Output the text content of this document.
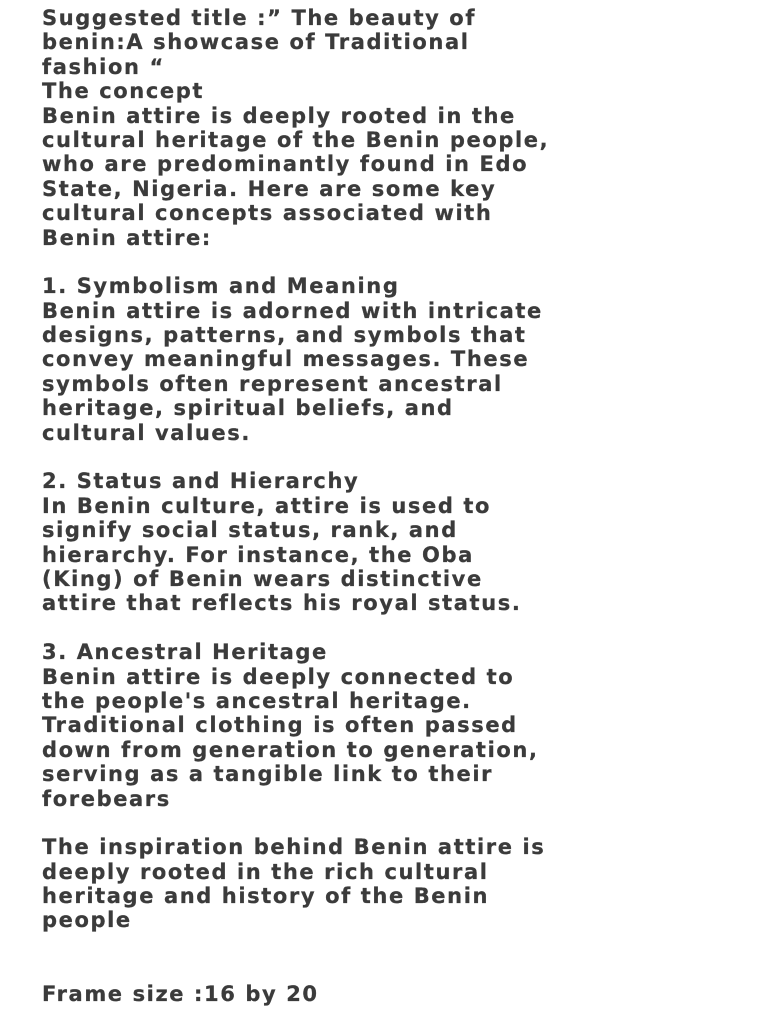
Suggested title :” The beauty of
benin:A showcase of Traditional
fashion “
The concept
Benin attire is deeply rooted in the
cultural heritage of the Benin people,
who are predominantly found in Edo
State, Nigeria. Here are some key
cultural concepts associated with
Benin attire:
1. Symbolism and Meaning
Benin attire is adorned with intricate
designs, patterns, and symbols that
convey meaningful messages. These
symbols often represent ancestral
heritage, spiritual beliefs, and
cultural values.
2. Status and Hierarchy
In Benin culture, attire is used to
signify social status, rank, and
hierarchy. For instance, the Oba
(King) of Benin wears distinctive
attire that reflects his royal status.
3. Ancestral Heritage
Benin attire is deeply connected to
the people's ancestral heritage.
Traditional clothing is often passed
down from generation to generation,
serving as a tangible link to their
forebears
The inspiration behind Benin attire is
deeply rooted in the rich cultural
heritage and history of the Benin
people
Frame size :16 by 20
